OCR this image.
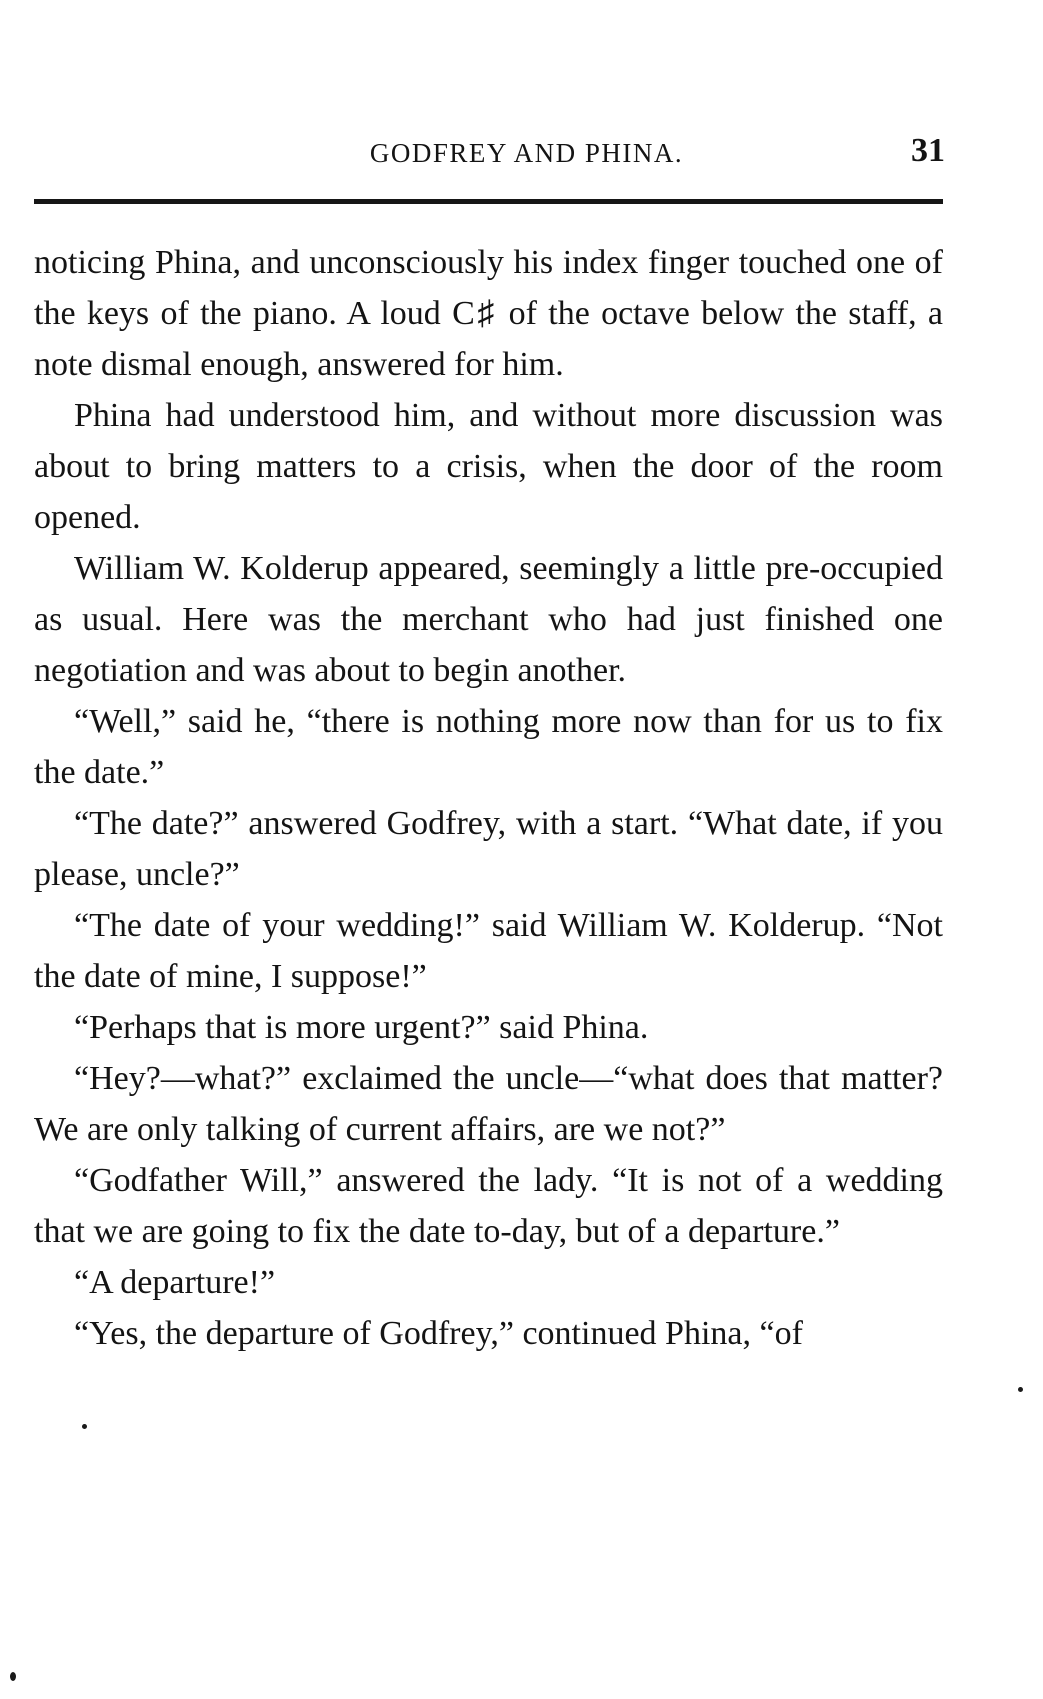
GODFREY AND PHINA.	31

noticing Phina, and unconsciously his index finger touched one of the keys of the piano. A loud C♯ of the octave below the staff, a note dismal enough, answered for him.

Phina had understood him, and without more discussion was about to bring matters to a crisis, when the door of the room opened.

William W. Kolderup appeared, seemingly a little pre-occupied as usual. Here was the merchant who had just finished one negotiation and was about to begin another.

“Well,” said he, “there is nothing more now than for us to fix the date.”

“The date?” answered Godfrey, with a start. “What date, if you please, uncle?”

“The date of your wedding!” said William W. Kolderup. “Not the date of mine, I suppose!”

“Perhaps that is more urgent?” said Phina.

“Hey?—what?” exclaimed the uncle—“what does that matter? We are only talking of current affairs, are we not?”

“Godfather Will,” answered the lady. “It is not of a wedding that we are going to fix the date to-day, but of a departure.”

“A departure!”

“Yes, the departure of Godfrey,” continued Phina, “of
